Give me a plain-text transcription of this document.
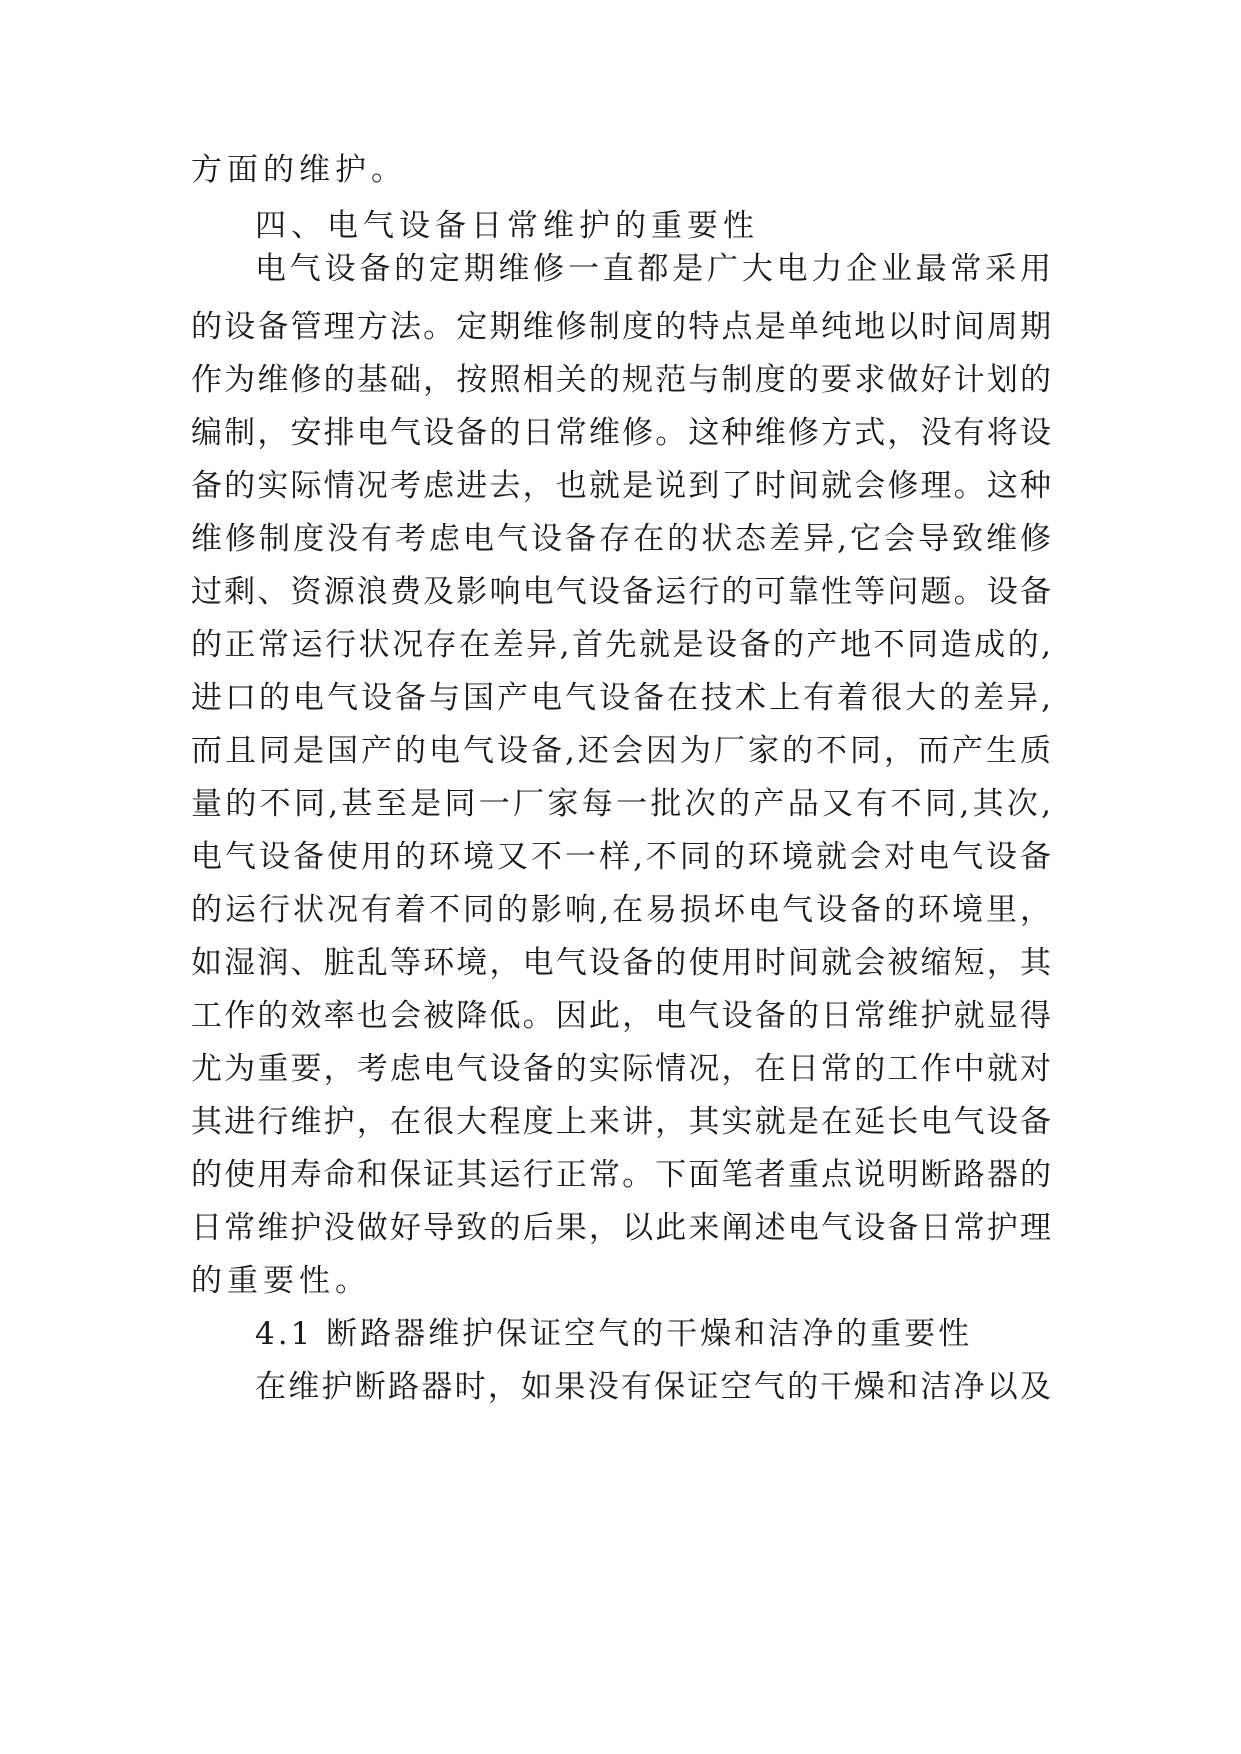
方面的维护。
四、电气设备日常维护的重要性
电气设备的定期维修一直都是广大电力企业最常采用
的设备管理方法。定期维修制度的特点是单纯地以时间周期
作为维修的基础，按照相关的规范与制度的要求做好计划的
编制，安排电气设备的日常维修。这种维修方式，没有将设
备的实际情况考虑进去，也就是说到了时间就会修理。这种
维修制度没有考虑电气设备存在的状态差异,它会导致维修
过剩、资源浪费及影响电气设备运行的可靠性等问题。设备
的正常运行状况存在差异,首先就是设备的产地不同造成的,
进口的电气设备与国产电气设备在技术上有着很大的差异,
而且同是国产的电气设备,还会因为厂家的不同，而产生质
量的不同,甚至是同一厂家每一批次的产品又有不同,其次,
电气设备使用的环境又不一样,不同的环境就会对电气设备
的运行状况有着不同的影响,在易损坏电气设备的环境里，
如湿润、脏乱等环境，电气设备的使用时间就会被缩短，其
工作的效率也会被降低。因此，电气设备的日常维护就显得
尤为重要，考虑电气设备的实际情况，在日常的工作中就对
其进行维护，在很大程度上来讲，其实就是在延长电气设备
的使用寿命和保证其运行正常。下面笔者重点说明断路器的
日常维护没做好导致的后果，以此来阐述电气设备日常护理
的重要性。
4.1 断路器维护保证空气的干燥和洁净的重要性
在维护断路器时，如果没有保证空气的干燥和洁净以及
